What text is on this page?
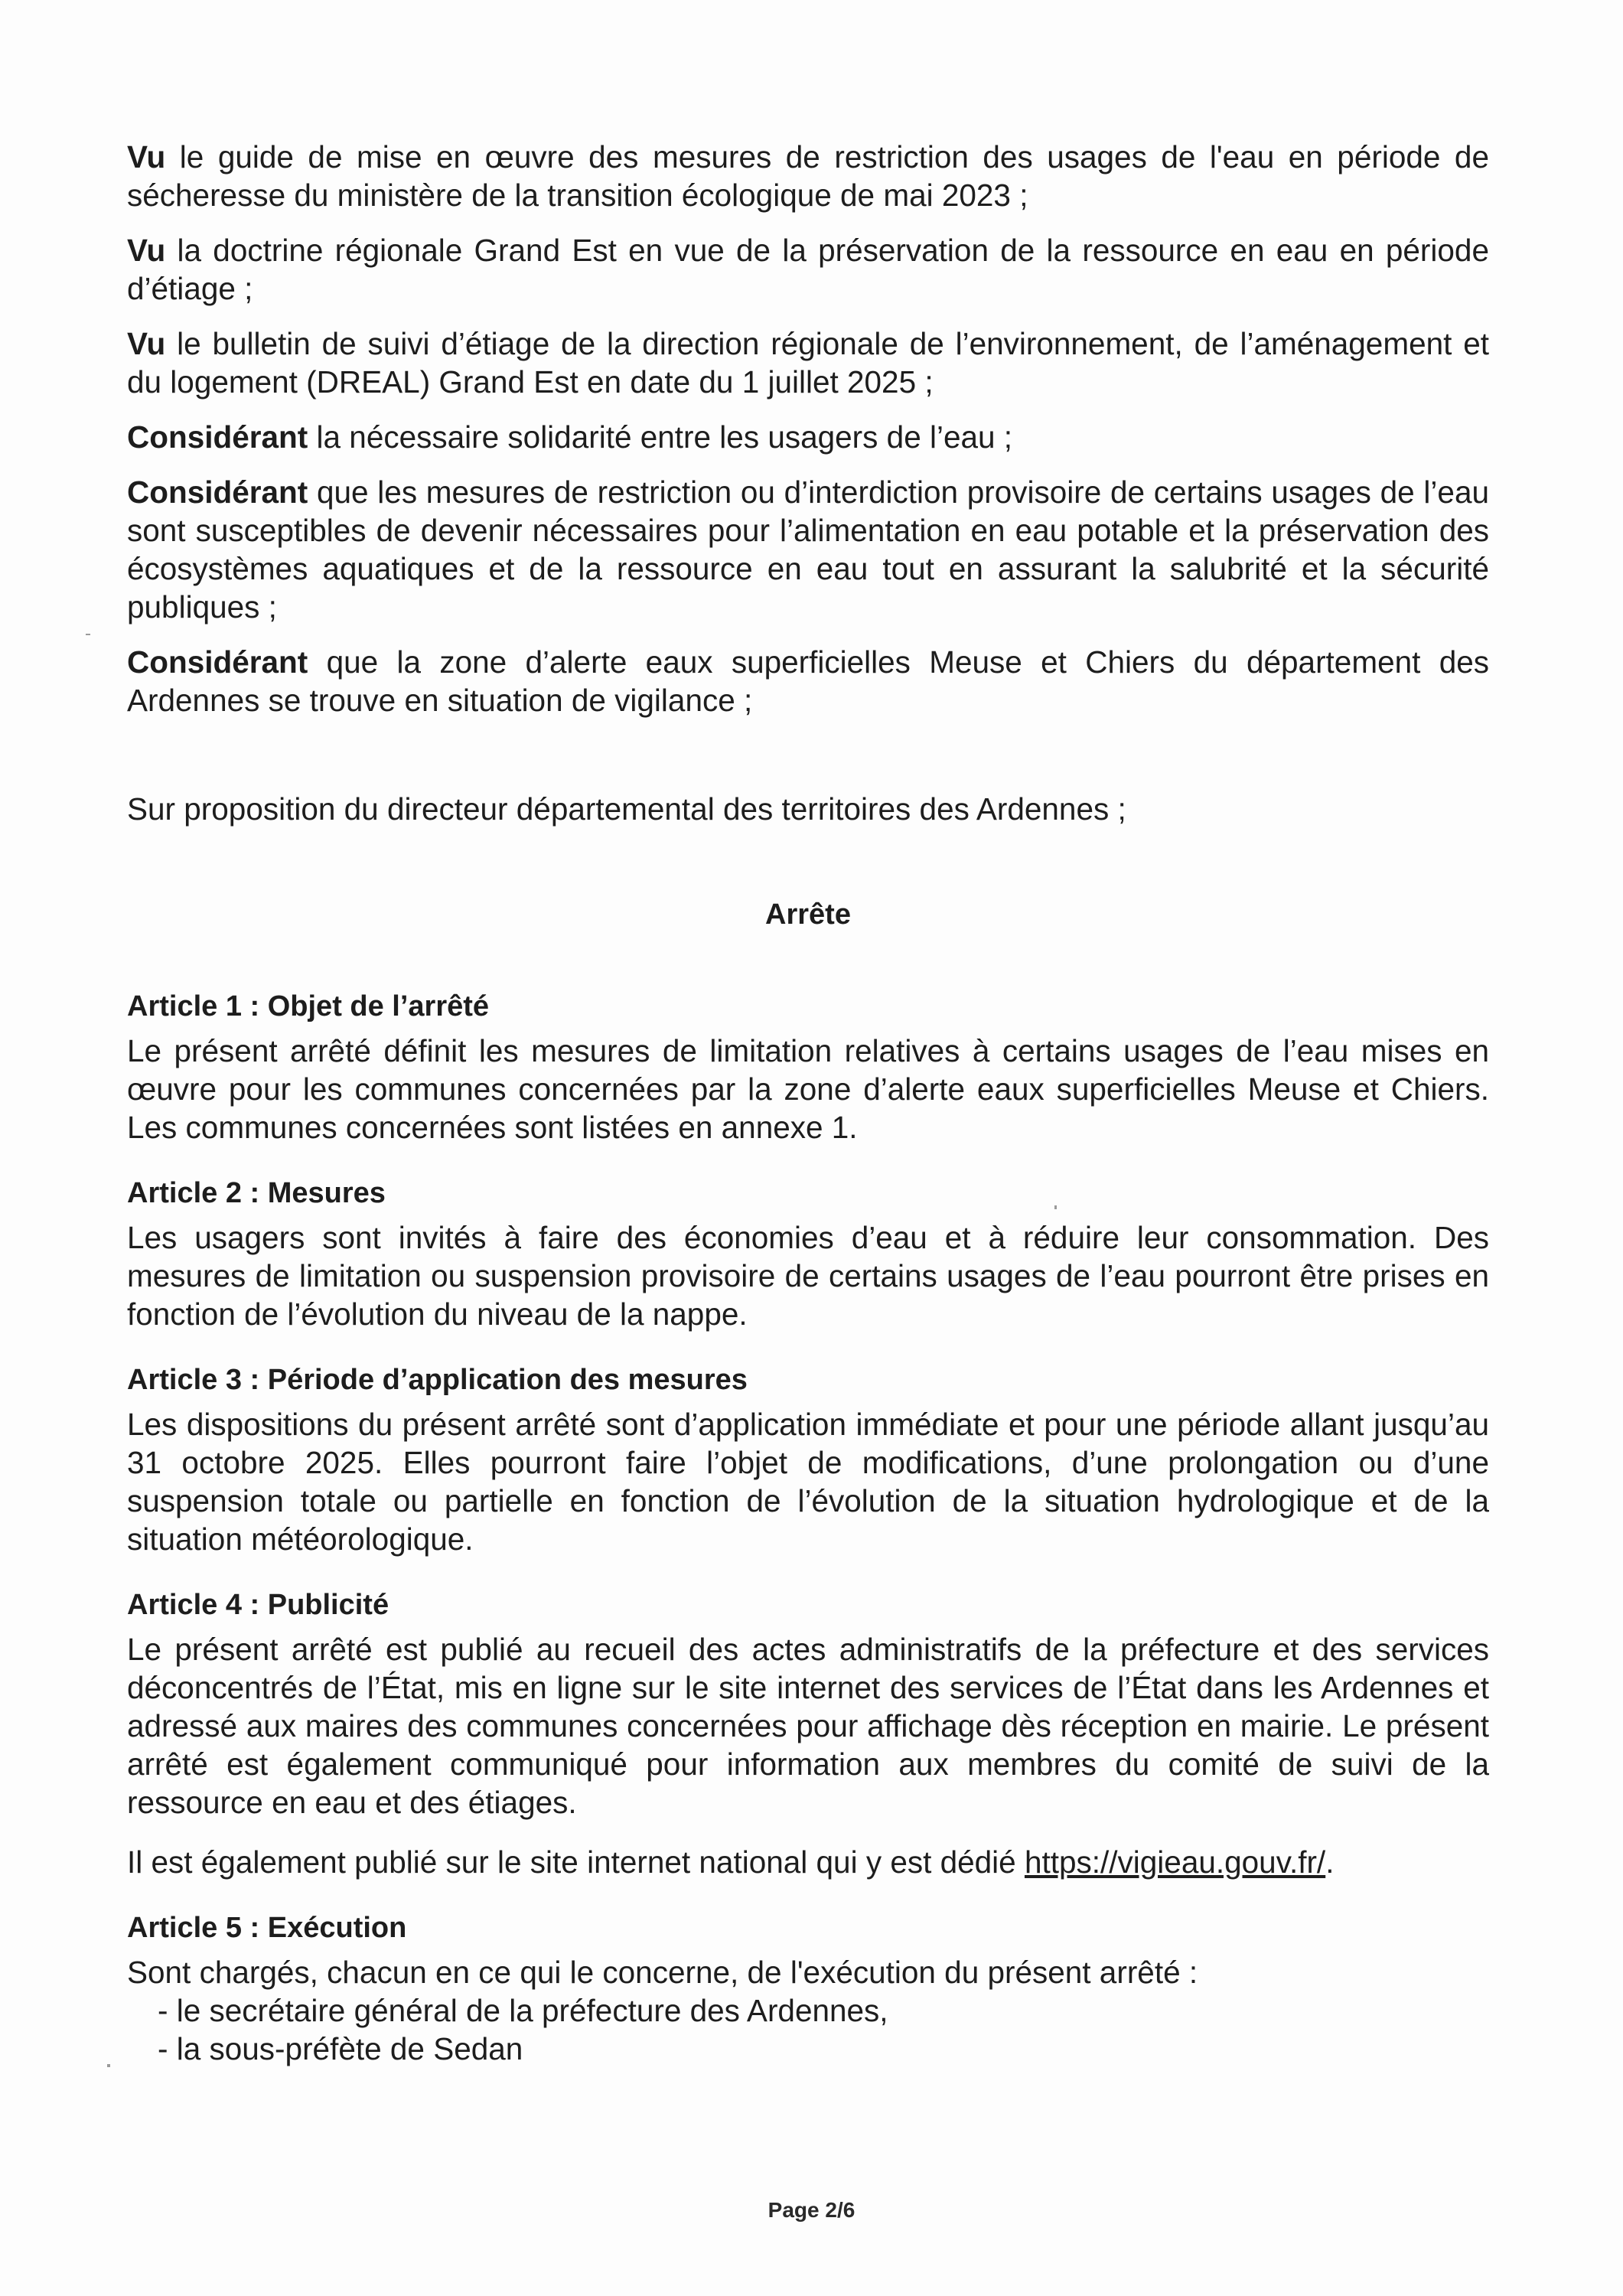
Vu le guide de mise en œuvre des mesures de restriction des usages de l'eau en période de sécheresse du ministère de la transition écologique de mai 2023 ;

Vu la doctrine régionale Grand Est en vue de la préservation de la ressource en eau en période d’étiage ;

Vu le bulletin de suivi d’étiage de la direction régionale de l’environnement, de l’aménagement et du logement (DREAL) Grand Est en date du 1 juillet 2025 ;

Considérant la nécessaire solidarité entre les usagers de l’eau ;

Considérant que les mesures de restriction ou d’interdiction provisoire de certains usages de l’eau sont susceptibles de devenir nécessaires pour l’alimentation en eau potable et la préservation des écosystèmes aquatiques et de la ressource en eau tout en assurant la salubrité et la sécurité publiques ;

Considérant que la zone d’alerte eaux superficielles Meuse et Chiers du département des Ardennes se trouve en situation de vigilance ;

Sur proposition du directeur départemental des territoires des Ardennes ;

Arrête

Article 1 : Objet de l’arrêté

Le présent arrêté définit les mesures de limitation relatives à certains usages de l’eau mises en œuvre pour les communes concernées par la zone d’alerte eaux superficielles Meuse et Chiers. Les communes concernées sont listées en annexe 1.

Article 2 : Mesures

Les usagers sont invités à faire des économies d’eau et à réduire leur consommation. Des mesures de limitation ou suspension provisoire de certains usages de l’eau pourront être prises en fonction de l’évolution du niveau de la nappe.

Article 3 : Période d’application des mesures

Les dispositions du présent arrêté sont d’application immédiate et pour une période allant jusqu’au 31 octobre 2025. Elles pourront faire l’objet de modifications, d’une prolongation ou d’une suspension totale ou partielle en fonction de l’évolution de la situation hydrologique et de la situation météorologique.

Article 4 : Publicité

Le présent arrêté est publié au recueil des actes administratifs de la préfecture et des services déconcentrés de l’État, mis en ligne sur le site internet des services de l’État dans les Ardennes et adressé aux maires des communes concernées pour affichage dès réception en mairie. Le présent arrêté est également communiqué pour information aux membres du comité de suivi de la ressource en eau et des étiages.

Il est également publié sur le site internet national qui y est dédié https://vigieau.gouv.fr/.

Article 5 : Exécution

Sont chargés, chacun en ce qui le concerne, de l'exécution du présent arrêté :

- le secrétaire général de la préfecture des Ardennes,
- la sous-préfète de Sedan
Page 2/6
